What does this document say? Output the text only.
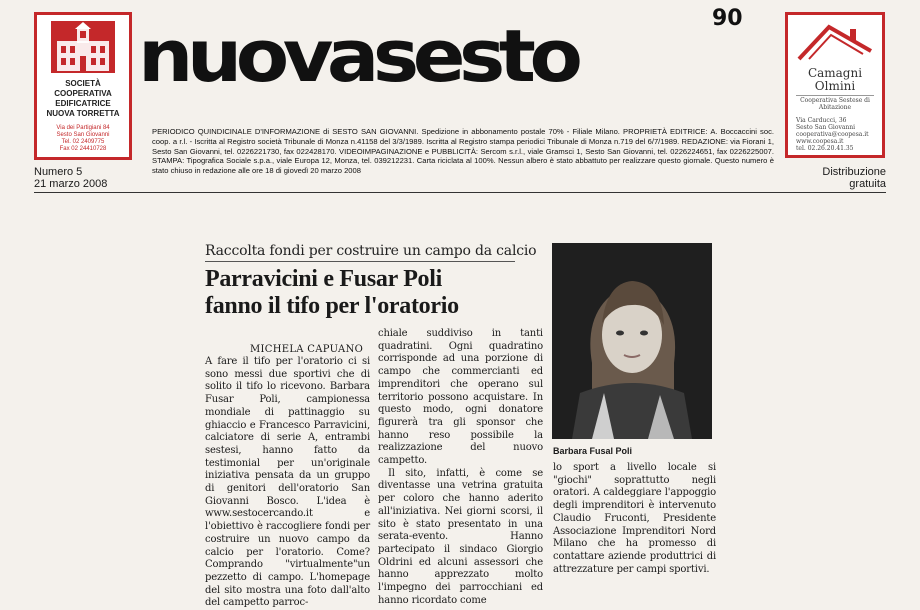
SOCIETÀ
COOPERATIVA
EDIFICATRICE
NUOVA TORRETTA
Via dei Partigiani 84
Sesto San Giovanni
Tel. 02 2409775
Fax 02 24410728
nuovasesto	90
Camagni
Olmini
Cooperativa Sestese di Abitazione
Via Carducci, 36
Sesto San Giovanni
cooperativa@coopesa.it
www.coopesa.it
tel. 02.26.20.41.35
PERIODICO QUINDICINALE D'INFORMAZIONE di SESTO SAN GIOVANNI. Spedizione in abbonamento postale 70% - Filiale Milano. PROPRIETÀ EDITRICE: A. Boccaccini soc. coop. a r.l. - Iscritta al Registro società Tribunale di Monza n.41158 del 3/3/1989. Iscritta al Registro stampa periodici Tribunale di Monza n.719 del 6/7/1989. REDAZIONE: via Fiorani 1, Sesto San Giovanni, tel. 0226221730, fax 022428170. VIDEOIMPAGINAZIONE e PUBBLICITÀ: Sercom s.r.l., viale Gramsci 1, Sesto San Giovanni, tel. 0226224651, fax 0226225007. STAMPA: Tipografica Sociale s.p.a., viale Europa 12, Monza, tel. 039212231. Carta riciclata al 100%. Nessun albero è stato abbattuto per realizzare questo giornale. Questo numero è stato chiuso in redazione alle ore 18 di giovedì 20 marzo 2008
Numero 5
21 marzo 2008
Distribuzione
gratuita
Raccolta fondi per costruire un campo da calcio
Parravicini e Fusar Poli
fanno il tifo per l'oratorio
MICHELA CAPUANO

A fare il tifo per l'oratorio ci si sono messi due sportivi che di solito il tifo lo ricevono. Barbara Fusar Poli, campionessa mondiale di pattinaggio su ghiaccio e Francesco Parravicini, calciatore di serie A, entrambi sestesi, hanno fatto da testimonial per un'originale iniziativa pensata da un gruppo di genitori dell'oratorio San Giovanni Bosco. L'idea è www.sestocercando.it e l'obiettivo è raccogliere fondi per costruire un nuovo campo da calcio per l'oratorio. Come? Comprando "virtualmente"un pezzetto di campo. L'homepage del sito mostra una foto dall'alto del campetto parroc-

chiale suddiviso in tanti quadratini. Ogni quadratino corrisponde ad una porzione di campo che commercianti ed imprenditori che operano sul territorio possono acquistare. In questo modo, ogni donatore figurerà tra gli sponsor che hanno reso possibile la realizzazione del nuovo campetto.

Il sito, infatti, è come se diventasse una vetrina gratuita per coloro che hanno aderito all'iniziativa. Nei giorni scorsi, il sito è stato presentato in una serata-evento. Hanno partecipato il sindaco Giorgio Oldrini ed alcuni assessori che hanno apprezzato molto l'impegno dei parrocchiani ed hanno ricordato come

Barbara Fusal Poli

lo sport a livello locale si "giochi" soprattutto negli oratori. A caldeggiare l'appoggio degli imprenditori è intervenuto Claudio Fruconti, Presidente Associazione Imprenditori Nord Milano che ha promesso di contattare aziende produttrici di attrezzature per campi sportivi.
